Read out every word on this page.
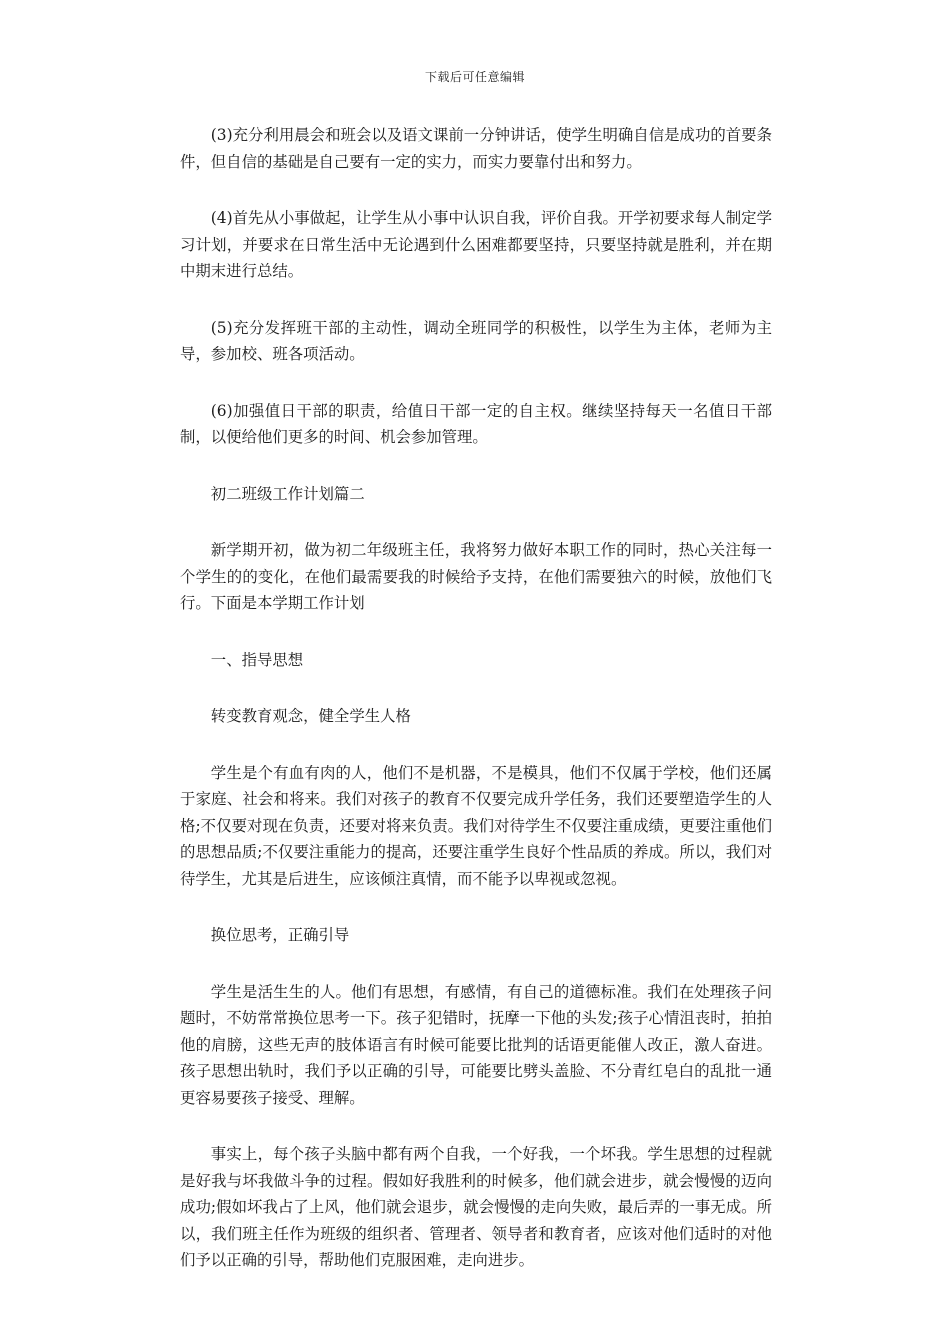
下载后可任意编辑

(3)充分利用晨会和班会以及语文课前一分钟讲话，使学生明确自信是成功的首要条件，但自信的基础是自己要有一定的实力，而实力要靠付出和努力。

(4)首先从小事做起，让学生从小事中认识自我，评价自我。开学初要求每人制定学习计划，并要求在日常生活中无论遇到什么困难都要坚持，只要坚持就是胜利，并在期中期末进行总结。

(5)充分发挥班干部的主动性，调动全班同学的积极性，以学生为主体，老师为主导，参加校、班各项活动。

(6)加强值日干部的职责，给值日干部一定的自主权。继续坚持每天一名值日干部制，以便给他们更多的时间、机会参加管理。

初二班级工作计划篇二

新学期开初，做为初二年级班主任，我将努力做好本职工作的同时，热心关注每一个学生的的变化，在他们最需要我的时候给予支持，在他们需要独六的时候，放他们飞行。下面是本学期工作计划

一、指导思想

转变教育观念，健全学生人格

学生是个有血有肉的人，他们不是机器，不是模具，他们不仅属于学校，他们还属于家庭、社会和将来。我们对孩子的教育不仅要完成升学任务，我们还要塑造学生的人格;不仅要对现在负责，还要对将来负责。我们对待学生不仅要注重成绩，更要注重他们的思想品质;不仅要注重能力的提高，还要注重学生良好个性品质的养成。所以，我们对待学生，尤其是后进生，应该倾注真情，而不能予以卑视或忽视。

换位思考，正确引导

学生是活生生的人。他们有思想，有感情，有自己的道德标准。我们在处理孩子问题时，不妨常常换位思考一下。孩子犯错时，抚摩一下他的头发;孩子心情沮丧时，拍拍他的肩膀，这些无声的肢体语言有时候可能要比批判的话语更能催人改正，激人奋进。孩子思想出轨时，我们予以正确的引导，可能要比劈头盖脸、不分青红皂白的乱批一通更容易要孩子接受、理解。

事实上，每个孩子头脑中都有两个自我，一个好我，一个坏我。学生思想的过程就是好我与坏我做斗争的过程。假如好我胜利的时候多，他们就会进步，就会慢慢的迈向成功;假如坏我占了上风，他们就会退步，就会慢慢的走向失败，最后弄的一事无成。所以，我们班主任作为班级的组织者、管理者、领导者和教育者，应该对他们适时的对他们予以正确的引导，帮助他们克服困难，走向进步。
